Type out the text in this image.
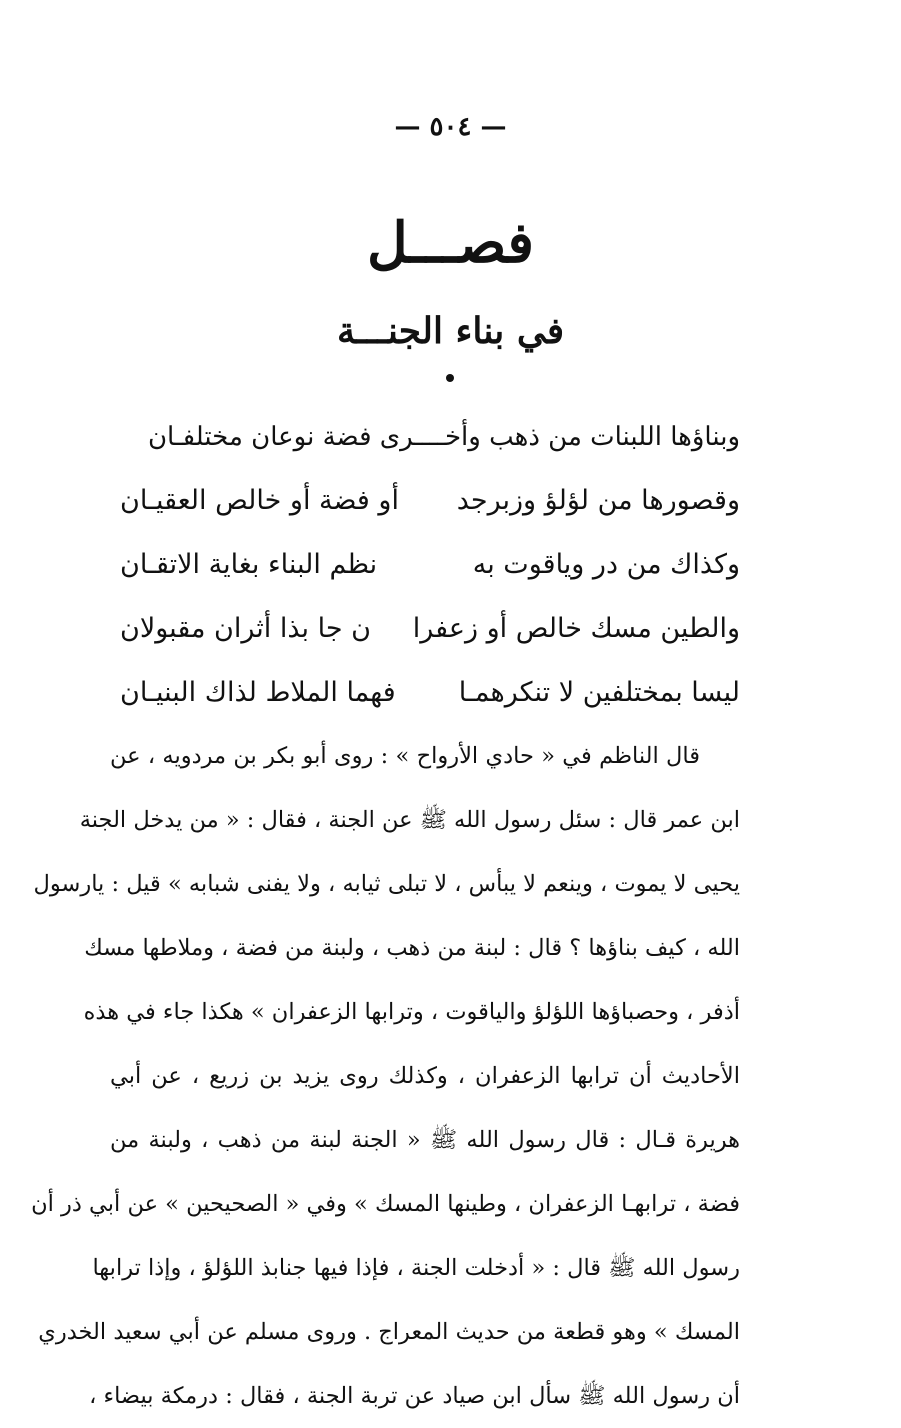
— ٥٠٤ —
فصـــل
في بناء الجنـــة
وبناؤها اللبنات من ذهب وأخــــرى فضة نوعان مختلفـان
وقصورها من لؤلؤ وزبرجد
أو فضة أو خالص العقيـان
وكذاك من در وياقوت به
نظم البناء بغاية الاتقـان
والطين مسك خالص أو زعفرا
ن جا بذا أثران مقبولان
ليسا بمختلفين لا تنكرهمـا
فهما الملاط لذاك البنيـان
قال الناظم في « حادي الأرواح » : روى أبو بكر بن مردويه ، عن
ابن عمر قال : سئل رسول الله ﷺ عن الجنة ، فقال : « من يدخل الجنة
يحيى لا يموت ، وينعم لا يبأس ، لا تبلى ثيابه ، ولا يفنى شبابه » قيل : يارسول
الله ، كيف بناؤها ؟ قال : لبنة من ذهب ، ولبنة من فضة ، وملاطها مسك
أذفر ، وحصباؤها اللؤلؤ والياقوت ، وترابها الزعفران » هكذا جاء في هذه
الأحاديث أن ترابها الزعفران ، وكذلك روى يزيد بن زريع ، عن أبي
هريرة قـال : قال رسول الله ﷺ « الجنة لبنة من ذهب ، ولبنة من
فضة ، ترابهـا الزعفران ، وطينها المسك » وفي « الصحيحين » عن أبي ذر أن
رسول الله ﷺ قال : « أدخلت الجنة ، فإذا فيها جنابذ اللؤلؤ ، وإذا ترابها
المسك » وهو قطعة من حديث المعراج . وروى مسلم عن أبي سعيد الخدري
أن رسول الله ﷺ سأل ابن صياد عن تربة الجنة ، فقال : درمكة بيضاء ،
